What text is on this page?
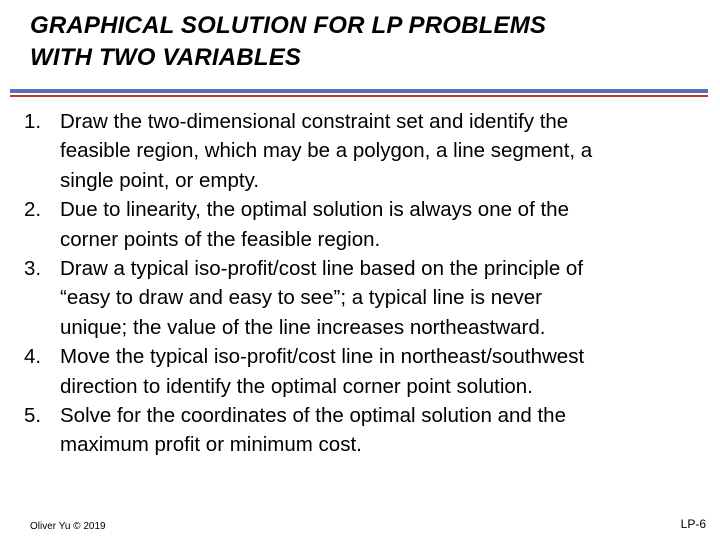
GRAPHICAL SOLUTION FOR LP PROBLEMS
WITH TWO VARIABLES
1. Draw the two-dimensional constraint set and identify the
feasible region, which may be a polygon, a line segment, a
single point, or empty.
2. Due to linearity, the optimal solution is always one of the
corner points of the feasible region.
3. Draw a typical iso-profit/cost line based on the principle of
“easy to draw and easy to see”; a typical line is never
unique; the value of the line increases northeastward.
4. Move the typical iso-profit/cost line in northeast/southwest
direction to identify the optimal corner point solution.
5. Solve for the coordinates of the optimal solution and the
maximum profit or minimum cost.
Oliver Yu © 2019	LP-6
